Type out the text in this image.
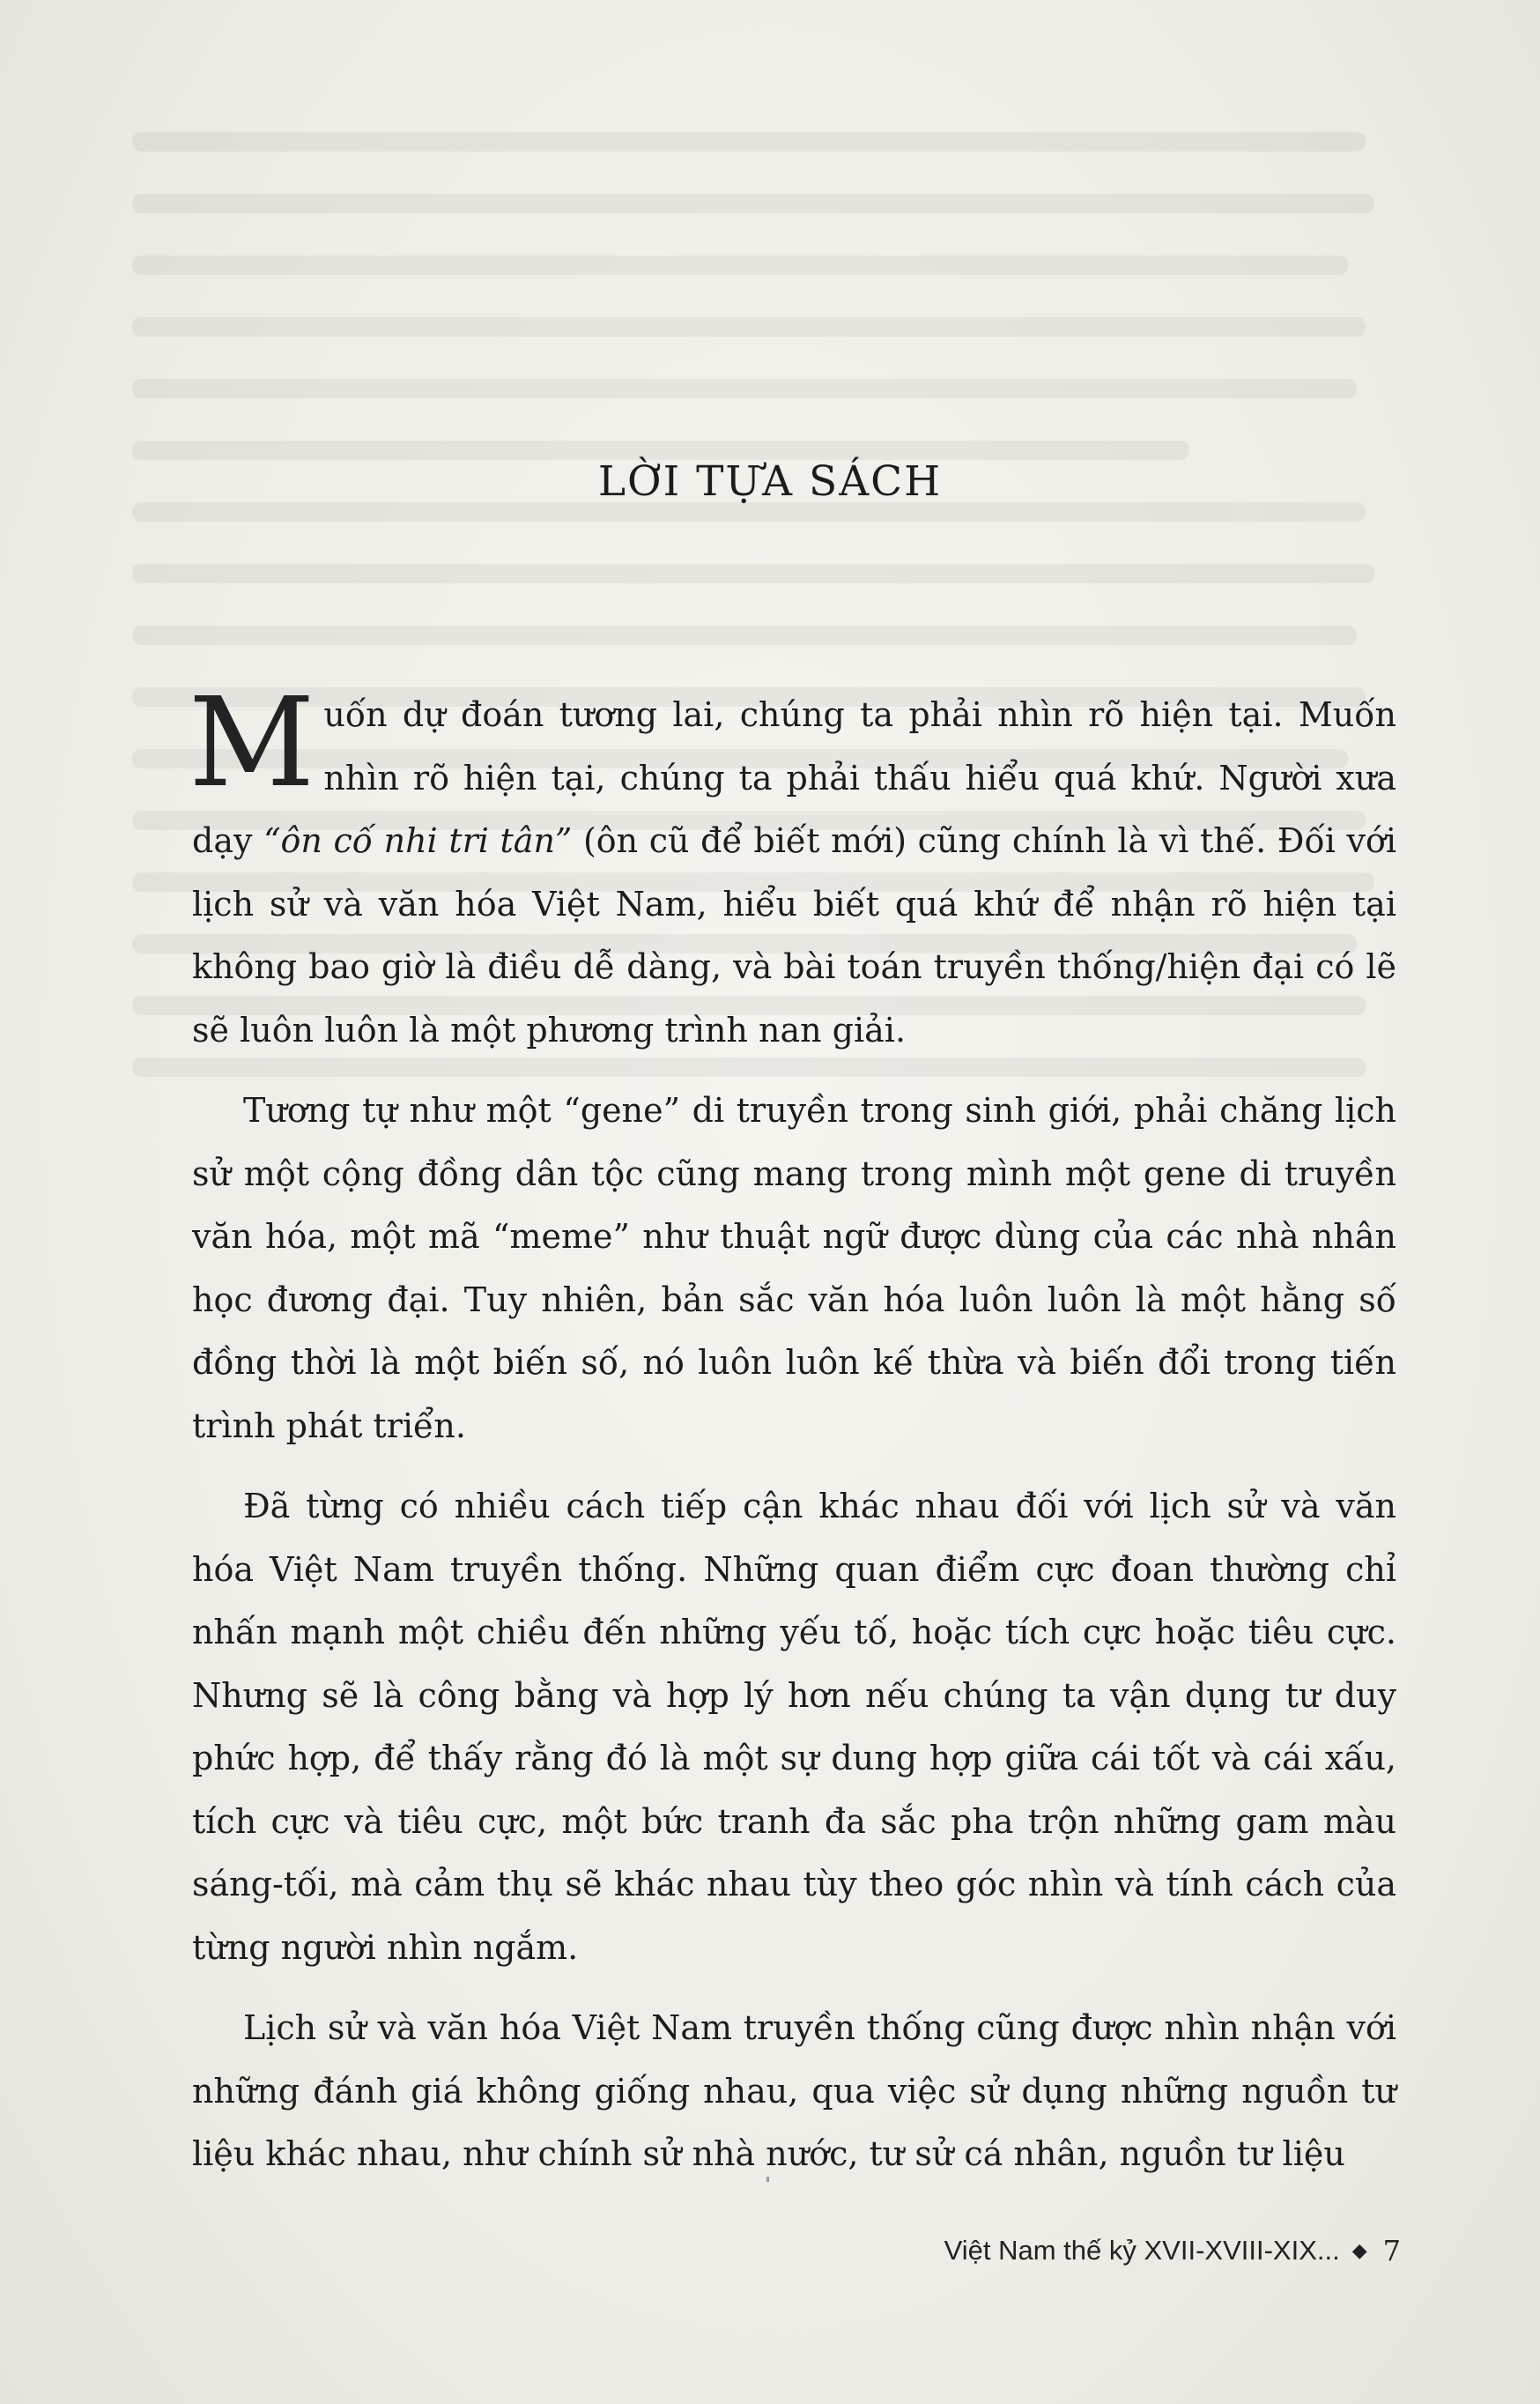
LỜI TỰA SÁCH

Muốn dự đoán tương lai, chúng ta phải nhìn rõ hiện tại. Muốn nhìn rõ hiện tại, chúng ta phải thấu hiểu quá khứ. Người xưa dạy “ôn cố nhi tri tân” (ôn cũ để biết mới) cũng chính là vì thế. Đối với lịch sử và văn hóa Việt Nam, hiểu biết quá khứ để nhận rõ hiện tại không bao giờ là điều dễ dàng, và bài toán truyền thống/hiện đại có lẽ sẽ luôn luôn là một phương trình nan giải.

Tương tự như một “gene” di truyền trong sinh giới, phải chăng lịch sử một cộng đồng dân tộc cũng mang trong mình một gene di truyền văn hóa, một mã “meme” như thuật ngữ được dùng của các nhà nhân học đương đại. Tuy nhiên, bản sắc văn hóa luôn luôn là một hằng số đồng thời là một biến số, nó luôn luôn kế thừa và biến đổi trong tiến trình phát triển.

Đã từng có nhiều cách tiếp cận khác nhau đối với lịch sử và văn hóa Việt Nam truyền thống. Những quan điểm cực đoan thường chỉ nhấn mạnh một chiều đến những yếu tố, hoặc tích cực hoặc tiêu cực. Nhưng sẽ là công bằng và hợp lý hơn nếu chúng ta vận dụng tư duy phức hợp, để thấy rằng đó là một sự dung hợp giữa cái tốt và cái xấu, tích cực và tiêu cực, một bức tranh đa sắc pha trộn những gam màu sáng-tối, mà cảm thụ sẽ khác nhau tùy theo góc nhìn và tính cách của từng người nhìn ngắm.

Lịch sử và văn hóa Việt Nam truyền thống cũng được nhìn nhận với những đánh giá không giống nhau, qua việc sử dụng những nguồn tư liệu khác nhau, như chính sử nhà nước, tư sử cá nhân, nguồn tư liệu

Việt Nam thế kỷ XVII-XVIII-XIX... ◆ 7
